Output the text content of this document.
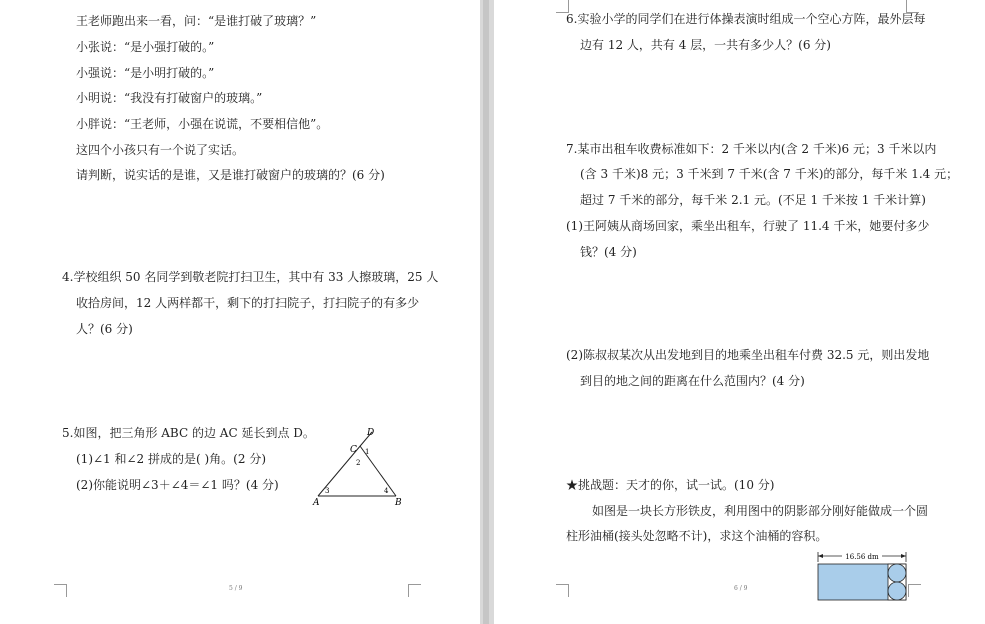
王老师跑出来一看，问：“是谁打破了玻璃？”
小张说：“是小强打破的。”
小强说：“是小明打破的。”
小明说：“我没有打破窗户的玻璃。”
小胖说：“王老师，小强在说谎，不要相信他”。
这四个小孩只有一个说了实话。
请判断，说实话的是谁，又是谁打破窗户的玻璃的？(6 分)
4.学校组织 50 名同学到敬老院打扫卫生，其中有 33 人擦玻璃，25 人
收拾房间，12 人两样都干，剩下的打扫院子，打扫院子的有多少
人？(6 分)
5.如图，把三角形 ABC 的边 AC 延长到点 D。
(1)∠1 和∠2 拼成的是( )角。(2 分)
(2)你能说明∠3＋∠4＝∠1 吗？(4 分)
D
C 1
2
3	4
A	B
5 / 9
6.实验小学的同学们在进行体操表演时组成一个空心方阵，最外层每
边有 12 人，共有 4 层，一共有多少人？(6 分)
7.某市出租车收费标准如下：2 千米以内(含 2 千米)6 元；3 千米以内
(含 3 千米)8 元；3 千米到 7 千米(含 7 千米)的部分，每千米 1.4 元；
超过 7 千米的部分，每千米 2.1 元。(不足 1 千米按 1 千米计算)
(1)王阿姨从商场回家，乘坐出租车，行驶了 11.4 千米，她要付多少
钱？(4 分)
(2)陈叔叔某次从出发地到目的地乘坐出租车付费 32.5 元，则出发地
到目的地之间的距离在什么范围内？(4 分)
★挑战题：天才的你，试一试。(10 分)
如图是一块长方形铁皮，利用图中的阴影部分刚好能做成一个圆
柱形油桶(接头处忽略不计)，求这个油桶的容积。
16.56 dm
6 / 9
